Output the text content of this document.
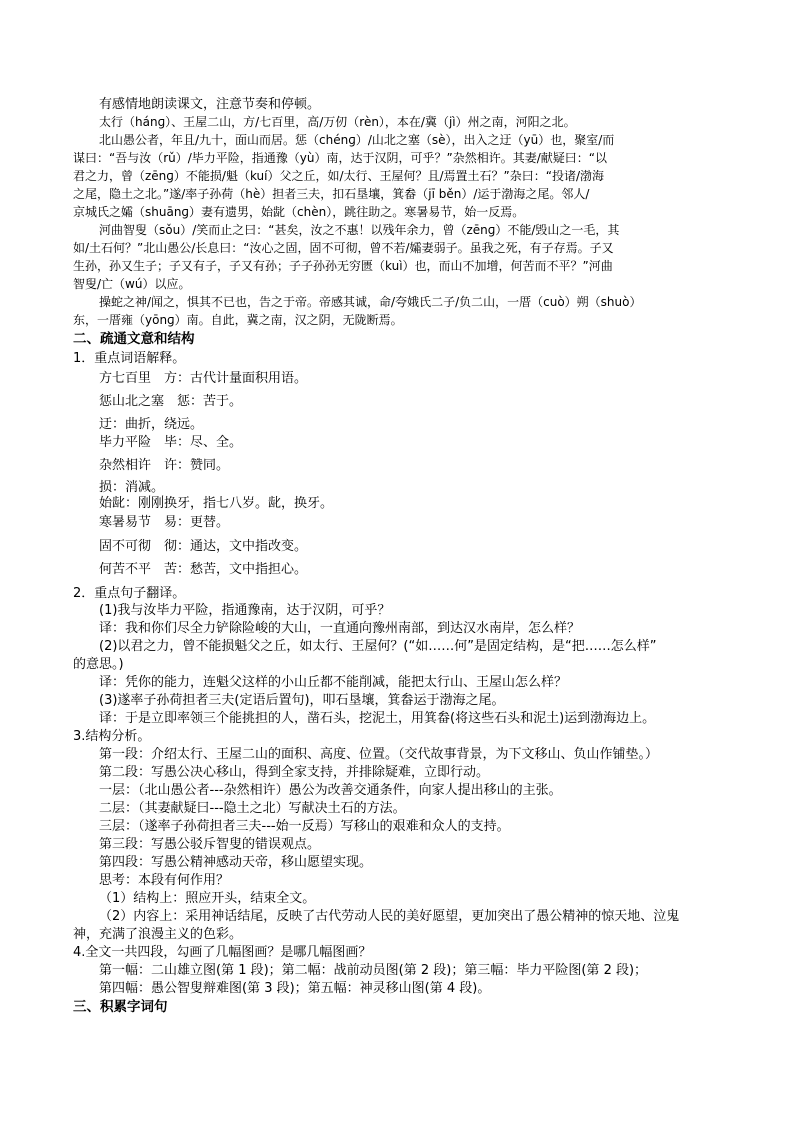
有感情地朗读课文，注意节奏和停顿。
太行（hánɡ）、王屋二山，方/七百里，高/万仞（rèn），本在/冀（jì）州之南，河阳之北。
北山愚公者，年且/九十，面山而居。惩（chénɡ）/山北之塞（sè），出入之迂（yū）也，聚室/而
谋曰：“吾与汝（rǔ）/毕力平险，指通豫（yù）南，达于汉阴，可乎？”杂然相许。其妻/献疑曰：“以
君之力，曾（zēnɡ）不能损/魁（kuí）父之丘，如/太行、王屋何？且/焉置土石？”杂曰：“投诸/渤海
之尾，隐土之北。”遂/率子孙荷（hè）担者三夫，扣石垦壤，箕畚（jī běn）/运于渤海之尾。邻人/
京城氏之孀（shuānɡ）妻有遗男，始龀（chèn），跳往助之。寒暑易节，始一反焉。
河曲智叟（sǒu）/笑而止之曰：“甚矣，汝之不惠！以残年余力，曾（zēnɡ）不能/毁山之一毛，其
如/土石何？”北山愚公/长息曰：“汝心之固，固不可彻，曾不若/孀妻弱子。虽我之死，有子存焉。子又
生孙，孙又生子；子又有子，子又有孙；子子孙孙无穷匮（kuì）也，而山不加增，何苦而不平？”河曲
智叟/亡（wú）以应。
操蛇之神/闻之，惧其不已也，告之于帝。帝感其诚，命/夸娥氏二子/负二山，一厝（cuò）朔（shuò）
东，一厝雍（yōnɡ）南。自此，冀之南，汉之阴，无陇断焉。
二、疏通文意和结构
1．重点词语解释。
方七百里　方：古代计量面积用语。
惩山北之塞　惩：苦于。
迂：曲折，绕远。
毕力平险　毕：尽、全。
杂然相许　许：赞同。
损：消减。
始龀：刚刚换牙，指七八岁。龀，换牙。
寒暑易节　易：更替。
固不可彻　彻：通达，文中指改变。
何苦不平　苦：愁苦，文中指担心。
2．重点句子翻译。
(1)我与汝毕力平险，指通豫南，达于汉阴，可乎？
译：我和你们尽全力铲除险峻的大山，一直通向豫州南部，到达汉水南岸，怎么样？
(2)以君之力，曾不能损魁父之丘，如太行、王屋何？(“如……何”是固定结构，是“把……怎么样”
的意思。)
译：凭你的能力，连魁父这样的小山丘都不能削减，能把太行山、王屋山怎么样？
(3)遂率子孙荷担者三夫(定语后置句)，叩石垦壤，箕畚运于渤海之尾。
译：于是立即率领三个能挑担的人，凿石头，挖泥土，用箕畚(将这些石头和泥土)运到渤海边上。
3.结构分析。
第一段：介绍太行、王屋二山的面积、高度、位置。（交代故事背景，为下文移山、负山作铺垫。）
第二段：写愚公决心移山，得到全家支持，并排除疑难，立即行动。
一层：（北山愚公者---杂然相许）愚公为改善交通条件，向家人提出移山的主张。
二层：（其妻献疑曰---隐土之北）写献决土石的方法。
三层：（遂率子孙荷担者三夫---始一反焉）写移山的艰难和众人的支持。
第三段：写愚公驳斥智叟的错误观点。
第四段：写愚公精神感动天帝，移山愿望实现。
思考：本段有何作用？
（1）结构上：照应开头，结束全文。
（2）内容上：采用神话结尾，反映了古代劳动人民的美好愿望，更加突出了愚公精神的惊天地、泣鬼
神，充满了浪漫主义的色彩。
4.全文一共四段，勾画了几幅图画？是哪几幅图画？
第一幅：二山雄立图(第 1 段)；第二幅：战前动员图(第 2 段)；第三幅：毕力平险图(第 2 段)；
第四幅：愚公智叟辩难图(第 3 段)；第五幅：神灵移山图(第 4 段)。
三、积累字词句
